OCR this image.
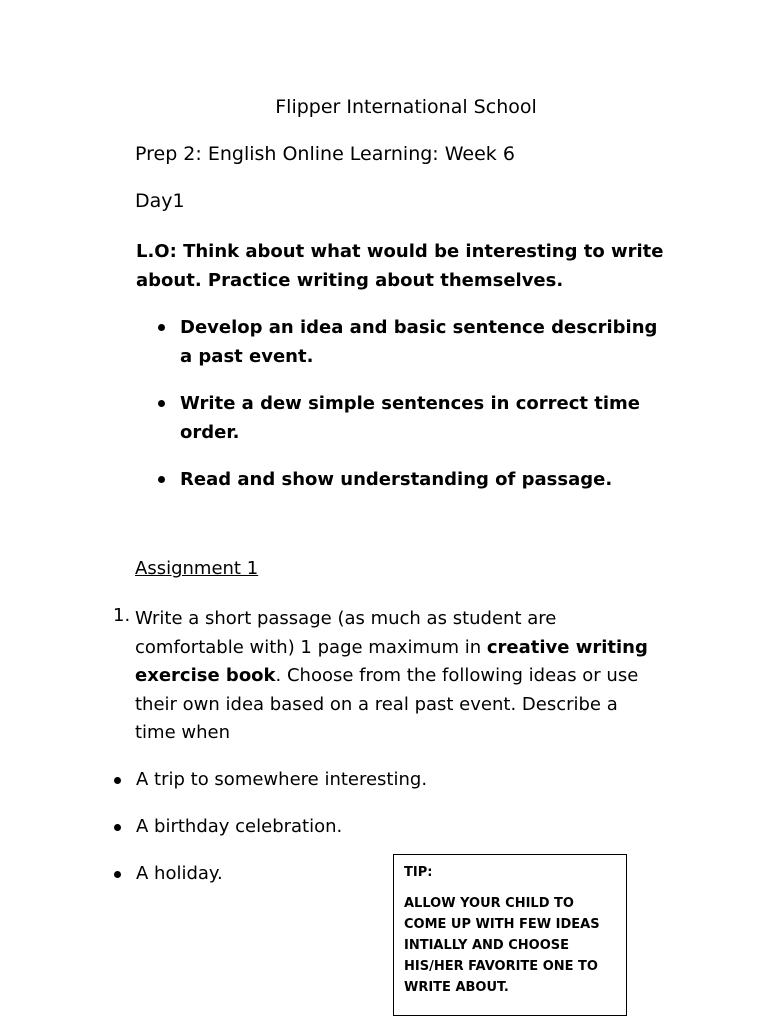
Flipper International School

Prep 2: English Online Learning: Week 6

Day1

L.O: Think about what would be interesting to write about. Practice writing about themselves.

Develop an idea and basic sentence describing a past event.
Write a dew simple sentences in correct time order.
Read and show understanding of passage.

Assignment 1

1. Write a short passage (as much as student are comfortable with) 1 page maximum in creative writing exercise book. Choose from the following ideas or use their own idea based on a real past event. Describe a time when

A trip to somewhere interesting.
A birthday celebration.
A holiday.	TIP:
ALLOW YOUR CHILD TO COME UP WITH FEW IDEAS INTIALLY AND CHOOSE HIS/HER FAVORITE ONE TO WRITE ABOUT.
